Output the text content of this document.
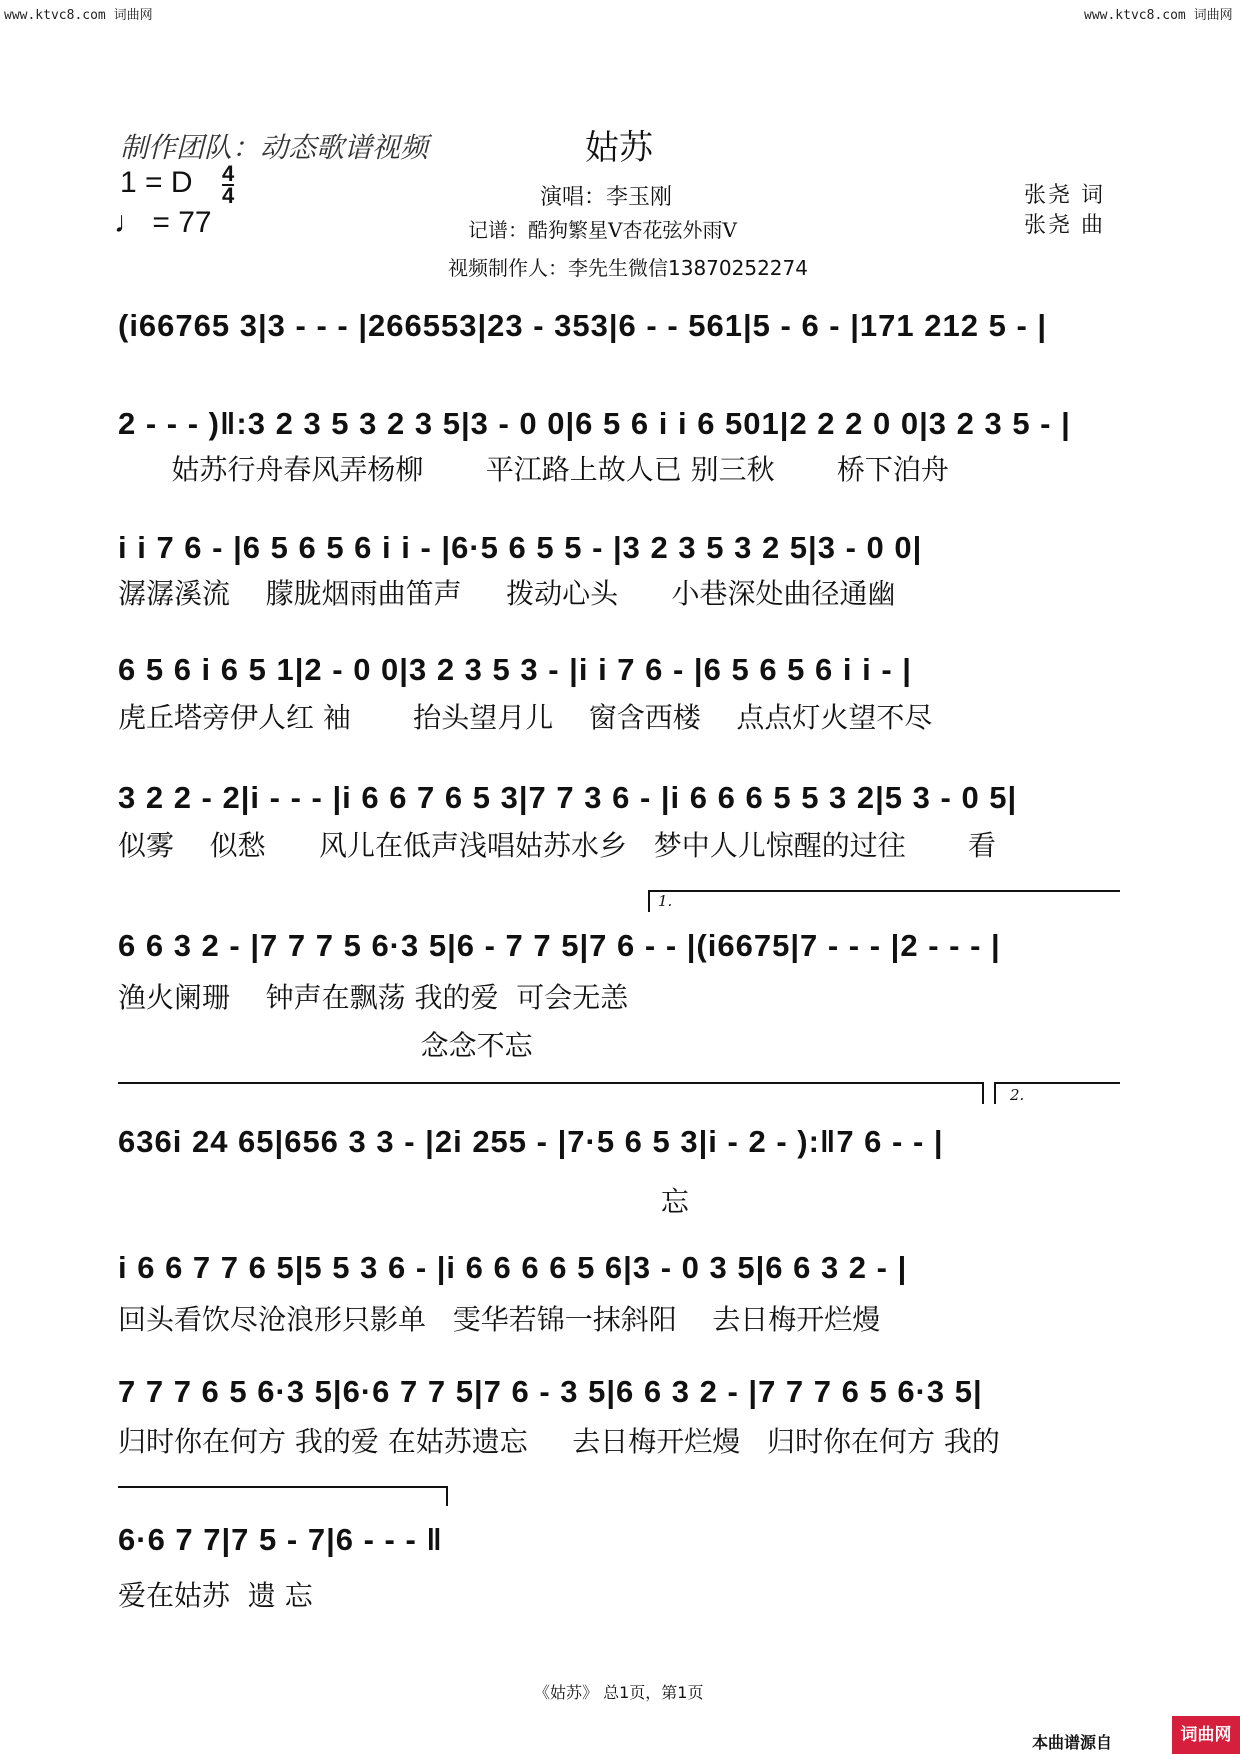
www.ktvc8.com 词曲网	www.ktvc8.com 词曲网
制作团队：动态歌谱视频	姑苏
1 = D $\frac{4}{4}$
♩ = 77
演唱：李玉刚
记谱：酷狗繁星V杏花弦外雨V
视频制作人：李先生微信13870252274
张尧 词
张尧 曲
(i66765 3|3 - - - |266553|23 - 353|6 - - 561|5 - 6 - |171 212 5 - |
2 - - - )‖:3 2 3 5 3 2 3 5|3 - 0 0|6 5 6 i i 6 501|2 2 2 0 0|3 2 3 5 - |
姑苏行舟春风弄杨柳       平江路上故人已 别三秋       桥下泊舟
i i 7 6 - |6 5 6 5 6 i i - |6·5 6 5 5 - |3 2 3 5 3 2 5|3 - 0 0|
潺潺溪流    朦胧烟雨曲笛声     拨动心头      小巷深处曲径通幽
6 5 6 i 6 5 1|2 - 0 0|3 2 3 5 3 - |i i 7 6 - |6 5 6 5 6 i i - |
虎丘塔旁伊人红 袖       抬头望月儿    窗含西楼    点点灯火望不尽
3 2 2 - 2|i - - - |i 6 6 7 6 5 3|7 7 3 6 - |i 6 6 6 5 5 3 2|5 3 - 0 5|
似雾    似愁      风儿在低声浅唱姑苏水乡   梦中人儿惊醒的过往       看
1.
6 6 3 2 - |7 7 7 5 6·3 5|6 - 7 7 5|7 6 - - |(i6675|7 - - - |2 - - - |
渔火阑珊    钟声在飘荡 我的爱  可会无恙
念念不忘
2.
636i 24 65|656 3 3 - |2i 255 - |7·5 6 5 3|i - 2 - ):‖7 6 - - |
忘
i 6 6 7 7 6 5|5 5 3 6 - |i 6 6 6 6 5 6|3 - 0 3 5|6 6 3 2 - |
回头看饮尽沧浪形只影单   雯华若锦一抹斜阳    去日梅开烂熳
7 7 7 6 5 6·3 5|6·6 7 7 5|7 6 - 3 5|6 6 3 2 - |7 7 7 6 5 6·3 5|
归时你在何方 我的爱 在姑苏遗忘     去日梅开烂熳   归时你在何方 我的
6·6 7 7|7 5 - 7|6 - - - ‖
爱在姑苏  遗 忘
《姑苏》 总1页，第1页
本曲谱源自	词曲网
